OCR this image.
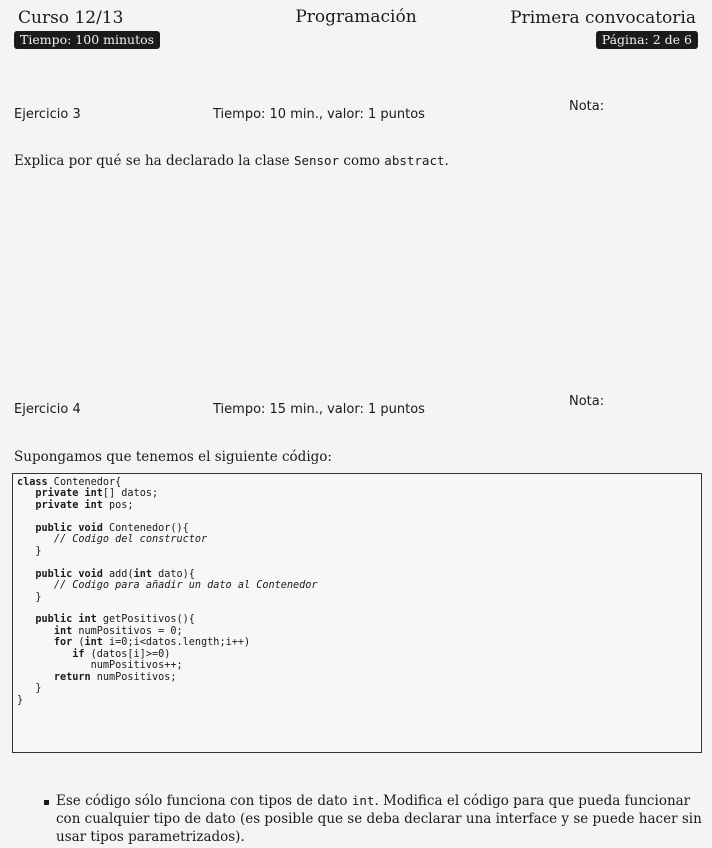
Curso 12/13
Tiempo: 100 minutos
Programación	Primera convocatoria
Página: 2 de 6
Ejercicio 3	Tiempo: 10 min., valor: 1 puntos
Nota:
Explica por qué se ha declarado la clase Sensor como abstract.
Ejercicio 4	Tiempo: 15 min., valor: 1 puntos
Nota:
Supongamos que tenemos el siguiente código:
class Contenedor{
private int[] datos;
private int pos;

public void Contenedor(){
// Codigo del constructor
}

public void add(int dato){
// Codigo para añadir un dato al Contenedor
}

public int getPositivos(){
int numPositivos = 0;
for (int i=0;i<datos.length;i++)
if (datos[i]>=0)
numPositivos++;
return numPositivos;
}
}
Ese código sólo funciona con tipos de dato int. Modifica el código para que pueda funcionar con cualquier tipo de dato (es posible que se deba declarar una interface y se puede hacer sin usar tipos parametrizados).
